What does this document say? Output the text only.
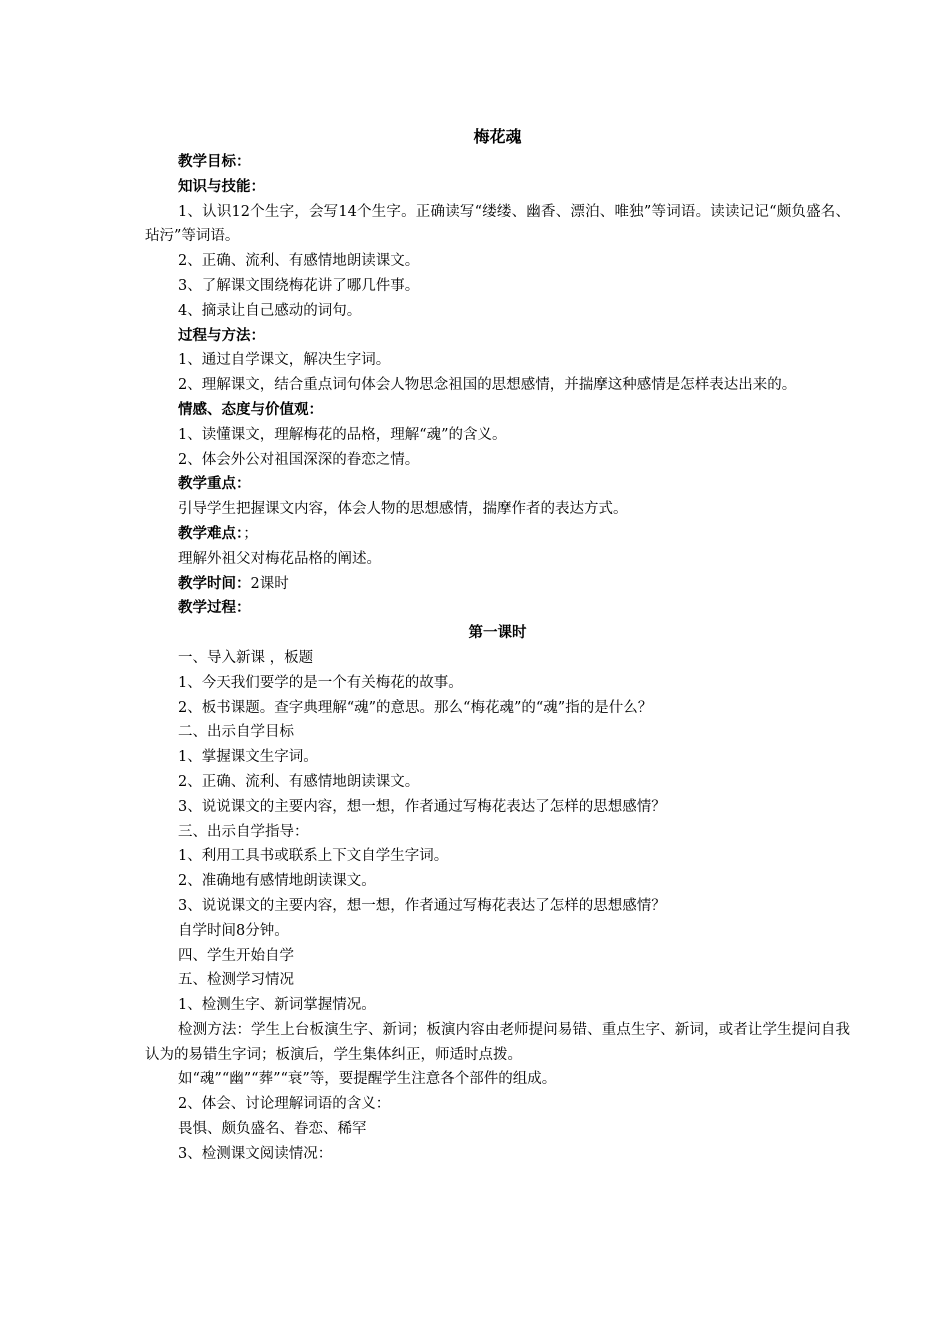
梅花魂

教学目标：

知识与技能：

1、认识12个生字，会写14个生字。正确读写“缕缕、幽香、漂泊、唯独”等词语。读读记记“颇负盛名、玷污”等词语。

2、正确、流利、有感情地朗读课文。

3、了解课文围绕梅花讲了哪几件事。

4、摘录让自己感动的词句。

过程与方法：

1、通过自学课文，解决生字词。

2、理解课文，结合重点词句体会人物思念祖国的思想感情，并揣摩这种感情是怎样表达出来的。

情感、态度与价值观：

1、读懂课文，理解梅花的品格，理解“魂”的含义。

2、体会外公对祖国深深的眷恋之情。

教学重点：

引导学生把握课文内容，体会人物的思想感情，揣摩作者的表达方式。

教学难点：；

理解外祖父对梅花品格的阐述。

教学时间：2课时

教学过程：

第一课时

一、导入新课 ，板题

1、今天我们要学的是一个有关梅花的故事。

2、板书课题。查字典理解“魂”的意思。那么“梅花魂”的“魂”指的是什么？

二、出示自学目标

1、掌握课文生字词。

2、正确、流利、有感情地朗读课文。

3、说说课文的主要内容，想一想，作者通过写梅花表达了怎样的思想感情？

三、出示自学指导：

1、利用工具书或联系上下文自学生字词。

2、准确地有感情地朗读课文。

3、说说课文的主要内容，想一想，作者通过写梅花表达了怎样的思想感情？

自学时间8分钟。

四、学生开始自学

五、检测学习情况

1、检测生字、新词掌握情况。

检测方法：学生上台板演生字、新词；板演内容由老师提问易错、重点生字、新词，或者让学生提问自我认为的易错生字词；板演后，学生集体纠正，师适时点拨。

如“魂”“幽”“葬”“衰”等，要提醒学生注意各个部件的组成。

2、体会、讨论理解词语的含义：

畏惧、颇负盛名、眷恋、稀罕

3、检测课文阅读情况：
